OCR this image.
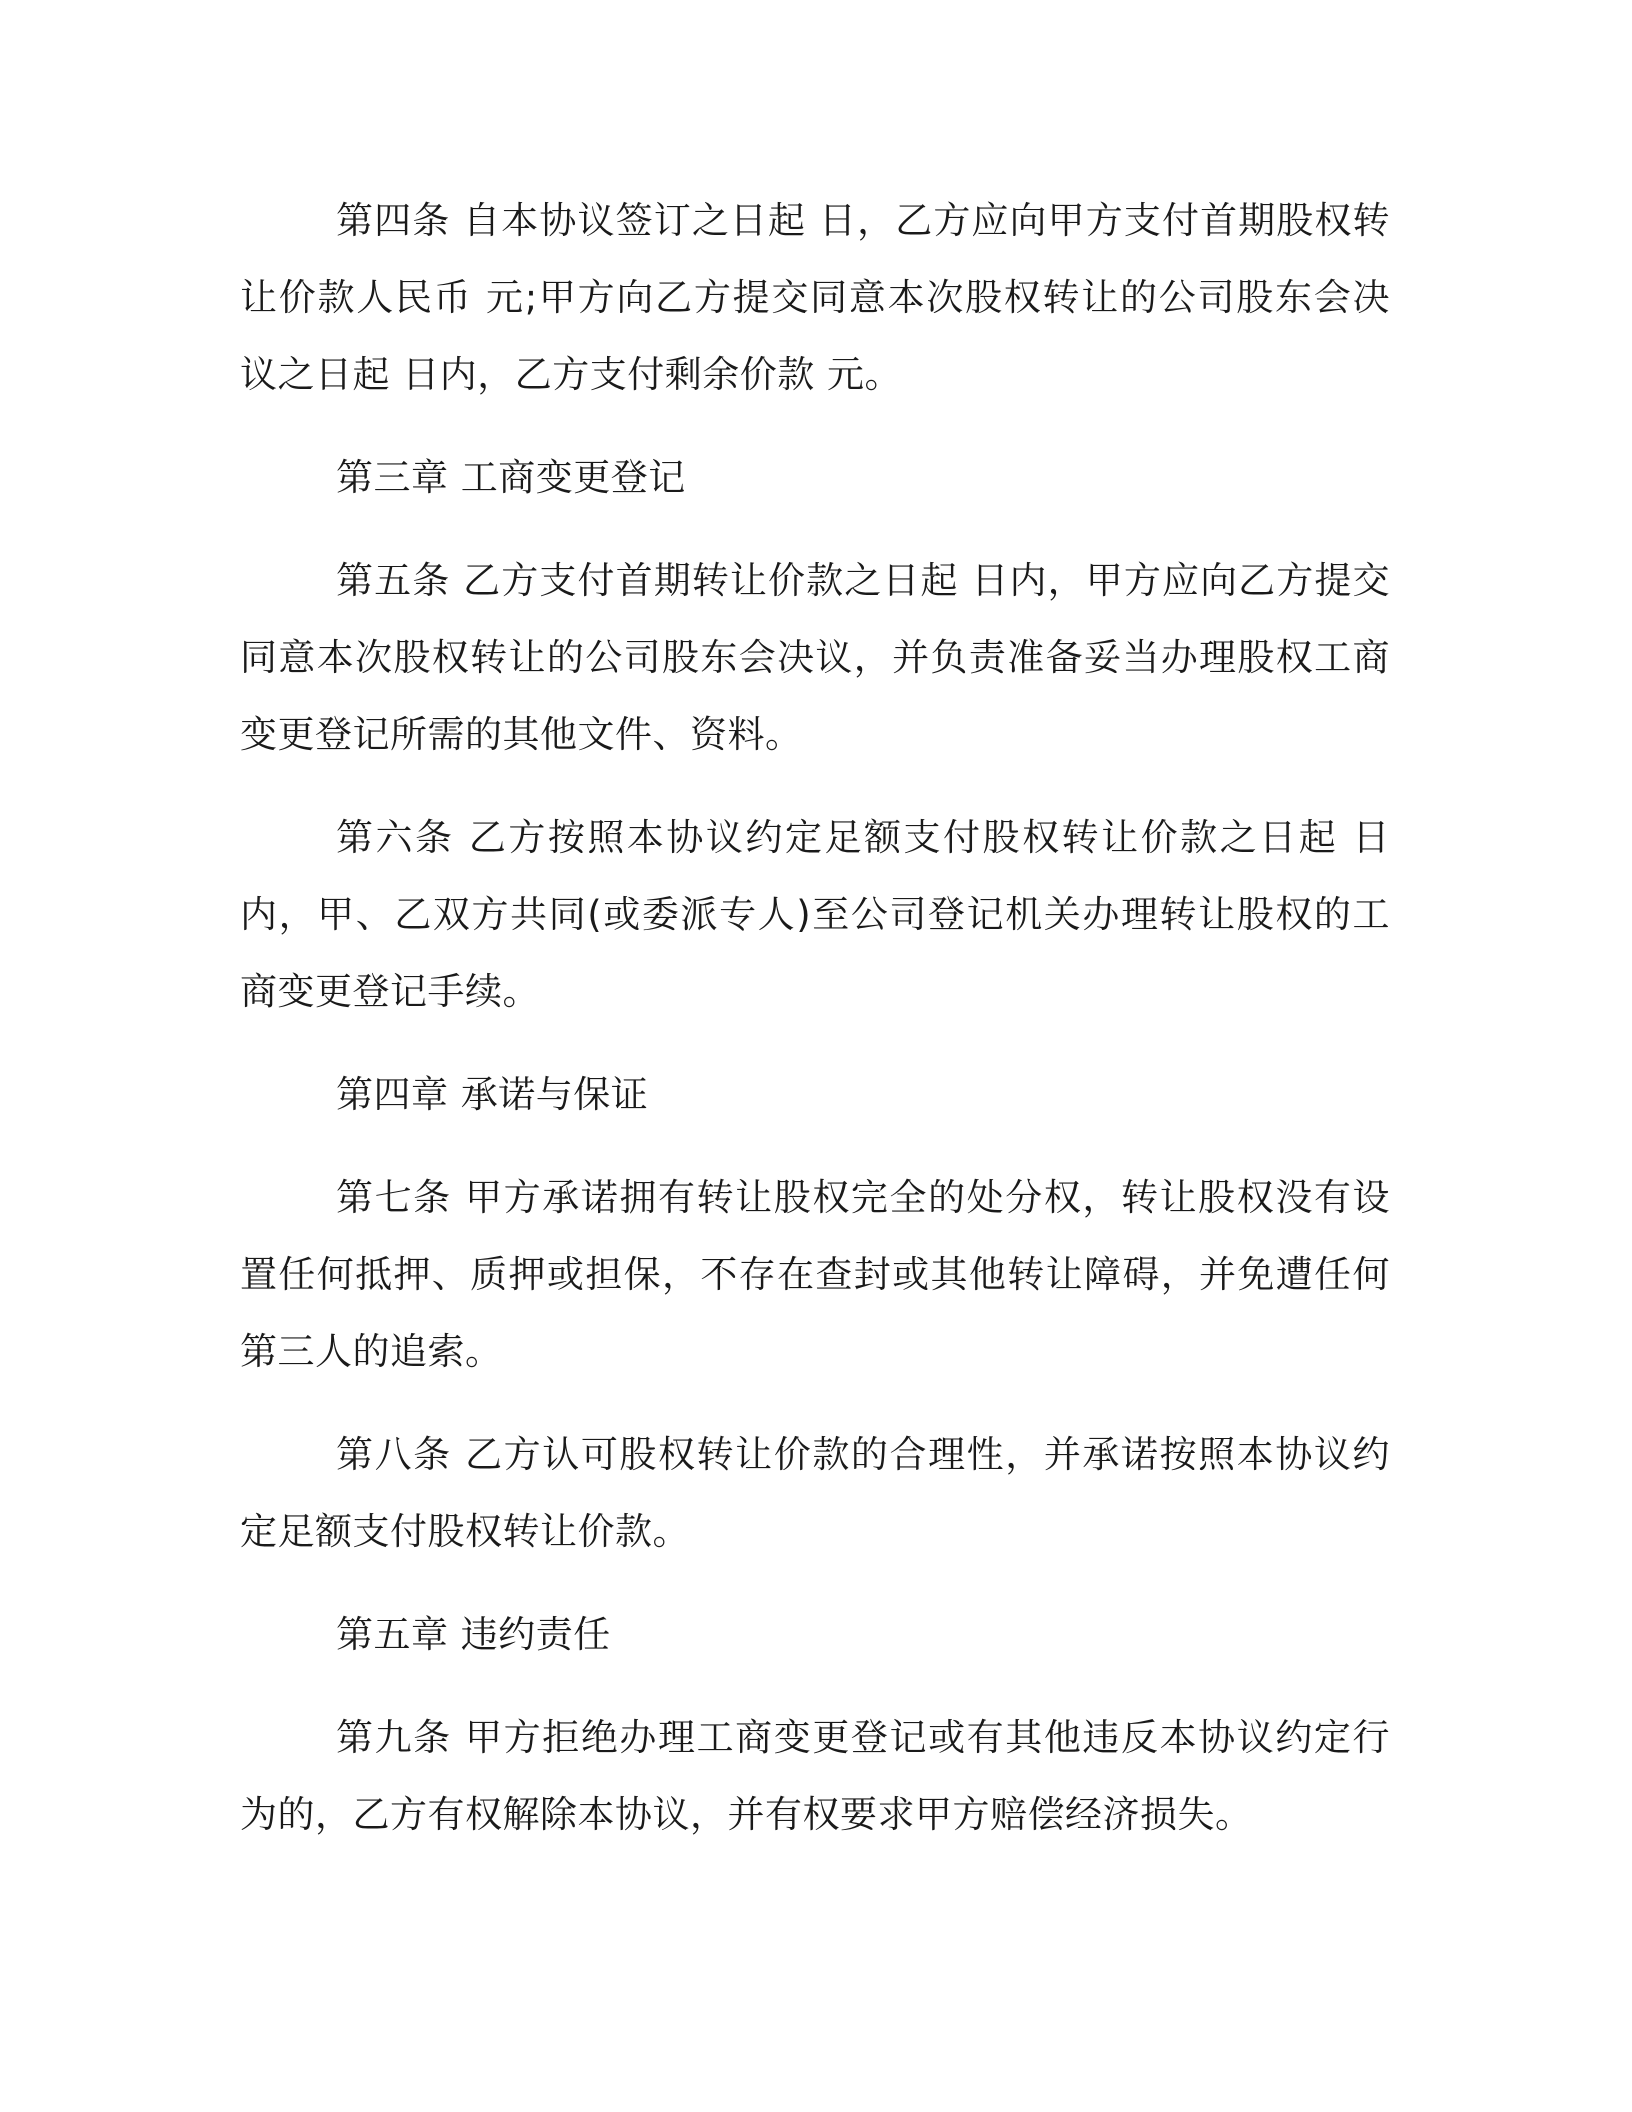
第四条 自本协议签订之日起 日，乙方应向甲方支付首期股权转让价款人民币 元;甲方向乙方提交同意本次股权转让的公司股东会决议之日起 日内，乙方支付剩余价款 元。

第三章 工商变更登记

第五条 乙方支付首期转让价款之日起 日内，甲方应向乙方提交同意本次股权转让的公司股东会决议，并负责准备妥当办理股权工商变更登记所需的其他文件、资料。

第六条 乙方按照本协议约定足额支付股权转让价款之日起 日内，甲、乙双方共同(或委派专人)至公司登记机关办理转让股权的工商变更登记手续。

第四章 承诺与保证

第七条 甲方承诺拥有转让股权完全的处分权，转让股权没有设置任何抵押、质押或担保，不存在查封或其他转让障碍，并免遭任何第三人的追索。

第八条 乙方认可股权转让价款的合理性，并承诺按照本协议约定足额支付股权转让价款。

第五章 违约责任

第九条 甲方拒绝办理工商变更登记或有其他违反本协议约定行为的，乙方有权解除本协议，并有权要求甲方赔偿经济损失。
